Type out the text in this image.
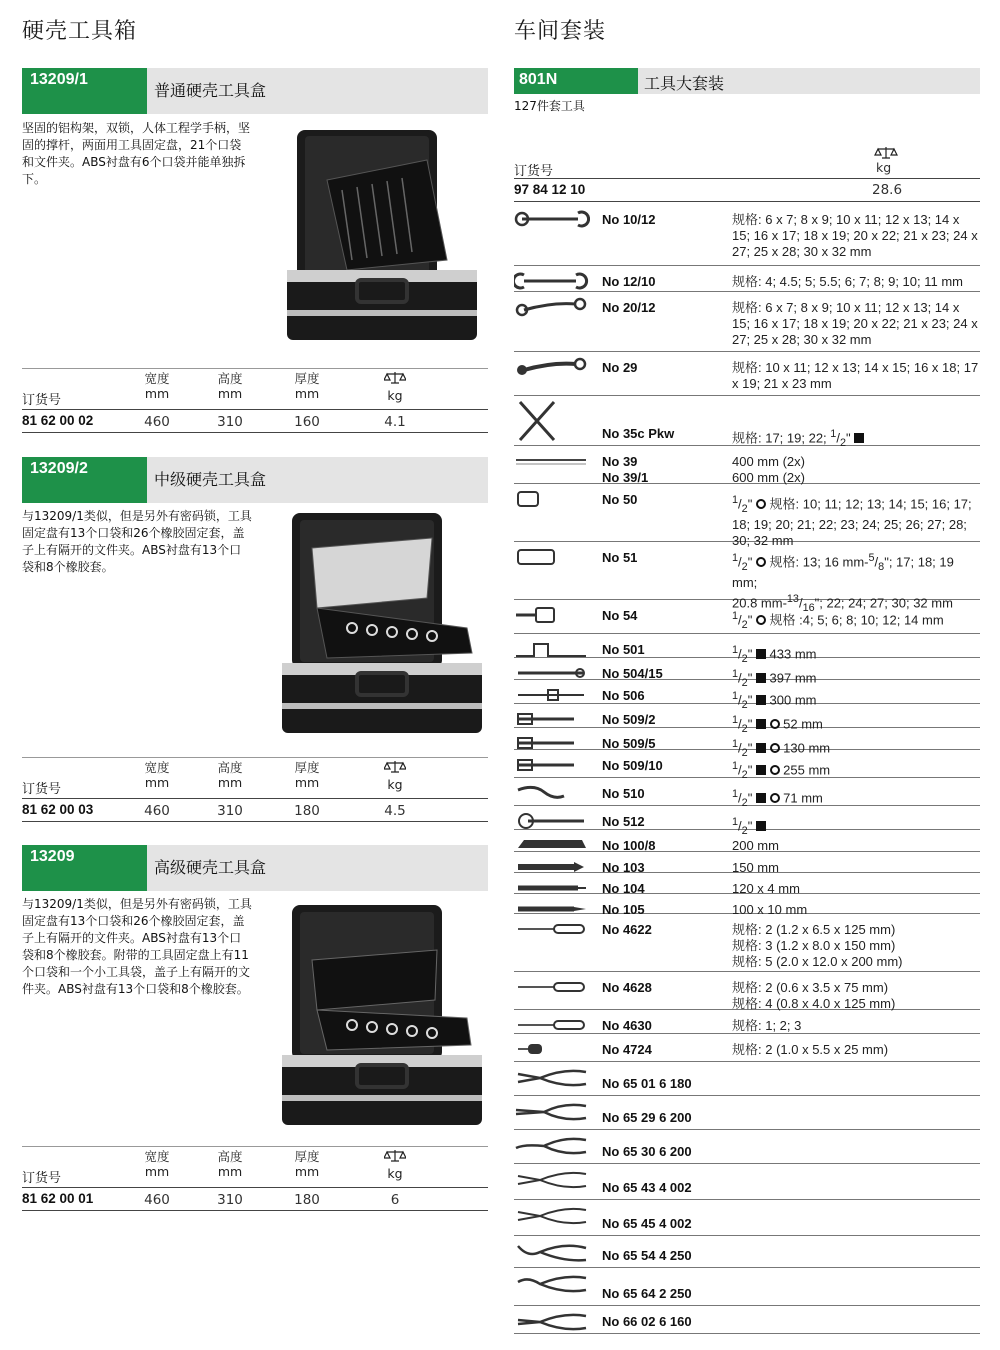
硬壳工具箱	车间套装
13209/1
普通硬壳工具盒
坚固的铝构架，双锁，人体工程学手柄，坚固的撑杆，两面用工具固定盘，21个口袋和文件夹。ABS衬盘有6个口袋并能单独拆下。
订货号
宽度
mm
高度
mm
厚度
mm	kg
81 62 00 02	460	310	160	4.1
13209/2
中级硬壳工具盒
与13209/1类似，但是另外有密码锁，工具固定盘有13个口袋和26个橡胶固定套，盖子上有隔开的文件夹。ABS衬盘有13个口袋和8个橡胶套。
订货号
宽度
mm
高度
mm
厚度
mm	kg
81 62 00 03	460	310	180	4.5
13209
高级硬壳工具盒
与13209/1类似，但是另外有密码锁，工具固定盘有13个口袋和26个橡胶固定套，盖子上有隔开的文件夹。ABS衬盘有13个口袋和8个橡胶套。附带的工具固定盘上有11个口袋和一个小工具袋，盖子上有隔开的文件夹。ABS衬盘有13个口袋和8个橡胶套。
订货号
宽度
mm
高度
mm
厚度
mm	kg
81 62 00 01	460	310	180	6
801N	工具大套装
127件套工具
kg
订货号
97 84 12 10	28.6
No 10/12	规格: 6 x 7; 8 x 9; 10 x 11; 12 x 13; 14 x 15; 16 x 17; 18 x 19; 20 x 22; 21 x 23; 24 x 27; 25 x 28; 30 x 32 mm
No 12/10	规格: 4; 4.5; 5; 5.5; 6; 7; 8; 9; 10; 11 mm
No 20/12	规格: 6 x 7; 8 x 9; 10 x 11; 12 x 13; 14 x 15; 16 x 17; 18 x 19; 20 x 22; 21 x 23; 24 x 27; 25 x 28; 30 x 32 mm
No 29	规格: 10 x 11; 12 x 13; 14 x 15; 16 x 18; 17 x 19; 21 x 23 mm
No 35c Pkw	规格: 17; 19; 22; $^1/_2$"
No 39
No 39/1
400 mm (2x)
600 mm (2x)
No 50	$^1/_2$"  规格: 10; 11; 12; 13; 14; 15; 16; 17; 18; 19; 20; 21; 22; 23; 24; 25; 26; 27; 28; 30; 32 mm
No 51	$^1/_2$"  规格: 13; 16 $mm-^5/_8$"; 17; 18; 19 mm;
20.8 $mm-^{13}/_{16}$"; 22; 24; 27; 30; 32 mm
No 54	$^1/_2$"  规格 :4; 5; 6; 8; 10; 12; 14 mm
No 501	$^1/_2$"  433 mm
No 504/15	$^1/_2$"  397 mm
No 506	$^1/_2$"  300 mm
No 509/2	$^1/_2$"   52 mm
No 509/5	$^1/_2$"   130 mm
No 509/10	$^1/_2$"   255 mm
No 510	$^1/_2$"   71 mm
No 512	$^1/_2$"
No 100/8	200 mm
No 103	150 mm
No 104	120 x 4 mm
No 105	100 x 10 mm
No 4622	规格: 2 (1.2 x 6.5 x 125 mm)
规格: 3 (1.2 x 8.0 x 150 mm)
规格: 5 (2.0 x 12.0 x 200 mm)
No 4628	规格: 2 (0.6 x 3.5 x 75 mm)
规格: 4 (0.8 x 4.0 x 125 mm)
No 4630	规格: 1; 2; 3
No 4724	规格: 2 (1.0 x 5.5 x 25 mm)
No 65 01 6 180
No 65 29 6 200
No 65 30 6 200
No 65 43 4 002
No 65 45 4 002
No 65 54 4 250
No 65 64 2 250
No 66 02 6 160
